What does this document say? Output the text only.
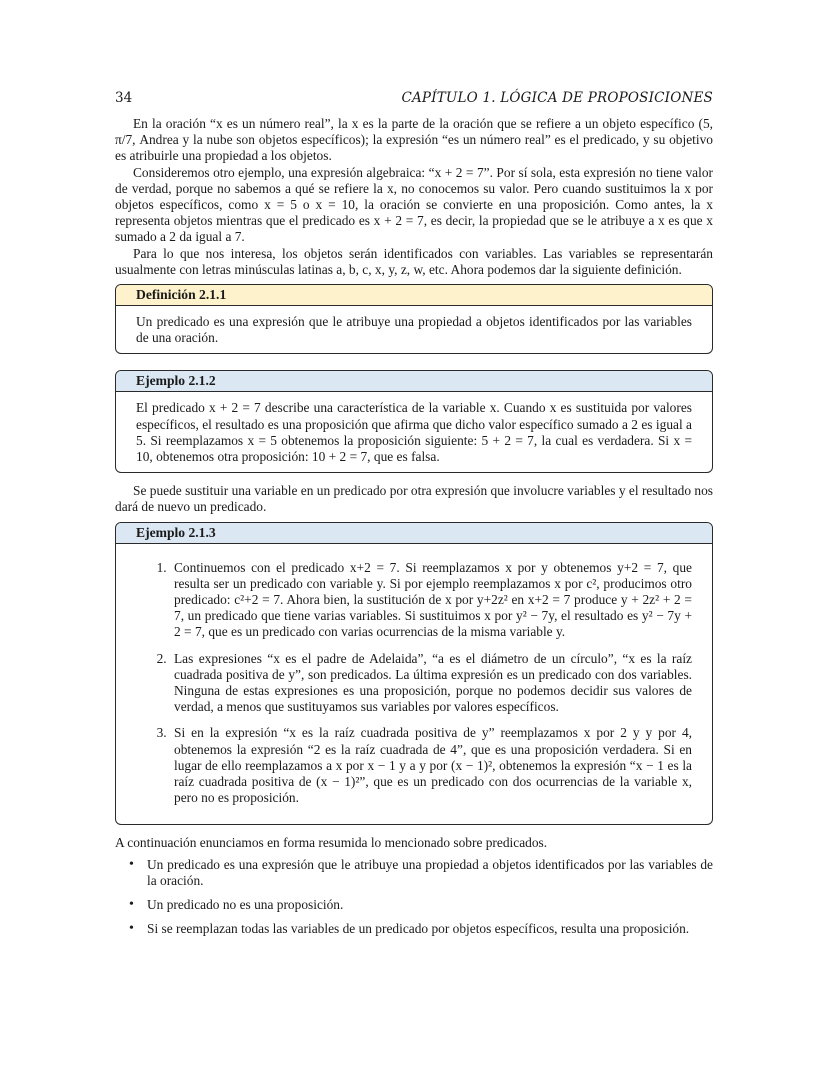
34	CAPÍTULO 1. LÓGICA DE PROPOSICIONES

En la oración “x es un número real”, la x es la parte de la oración que se refiere a un objeto específico (5, π/7, Andrea y la nube son objetos específicos); la expresión “es un número real” es el predicado, y su objetivo es atribuirle una propiedad a los objetos.

Consideremos otro ejemplo, una expresión algebraica: “x + 2 = 7”. Por sí sola, esta expresión no tiene valor de verdad, porque no sabemos a qué se refiere la x, no conocemos su valor. Pero cuando sustituimos la x por objetos específicos, como x = 5 o x = 10, la oración se convierte en una proposición. Como antes, la x representa objetos mientras que el predicado es x + 2 = 7, es decir, la propiedad que se le atribuye a x es que x sumado a 2 da igual a 7.

Para lo que nos interesa, los objetos serán identificados con variables. Las variables se representarán usualmente con letras minúsculas latinas a, b, c, x, y, z, w, etc. Ahora podemos dar la siguiente definición.

Definición 2.1.1

Un predicado es una expresión que le atribuye una propiedad a objetos identificados por las variables de una oración.

Ejemplo 2.1.2

El predicado x + 2 = 7 describe una característica de la variable x. Cuando x es sustituida por valores específicos, el resultado es una proposición que afirma que dicho valor específico sumado a 2 es igual a 5. Si reemplazamos x = 5 obtenemos la proposición siguiente: 5 + 2 = 7, la cual es verdadera. Si x = 10, obtenemos otra proposición: 10 + 2 = 7, que es falsa.

Se puede sustituir una variable en un predicado por otra expresión que involucre variables y el resultado nos dará de nuevo un predicado.

Ejemplo 2.1.3
1. Continuemos con el predicado x+2 = 7. Si reemplazamos x por y obtenemos y+2 = 7, que resulta ser un predicado con variable y. Si por ejemplo reemplazamos x por c², producimos otro predicado: c²+2 = 7. Ahora bien, la sustitución de x por y+2z² en x+2 = 7 produce y + 2z² + 2 = 7, un predicado que tiene varias variables. Si sustituimos x por y² − 7y, el resultado es y² − 7y + 2 = 7, que es un predicado con varias ocurrencias de la misma variable y.
2. Las expresiones “x es el padre de Adelaida”, “a es el diámetro de un círculo”, “x es la raíz cuadrada positiva de y”, son predicados. La última expresión es un predicado con dos variables. Ninguna de estas expresiones es una proposición, porque no podemos decidir sus valores de verdad, a menos que sustituyamos sus variables por valores específicos.
3. Si en la expresión “x es la raíz cuadrada positiva de y” reemplazamos x por 2 y y por 4, obtenemos la expresión “2 es la raíz cuadrada de 4”, que es una proposición verdadera. Si en lugar de ello reemplazamos a x por x − 1 y a y por (x − 1)², obtenemos la expresión “x − 1 es la raíz cuadrada positiva de (x − 1)²”, que es un predicado con dos ocurrencias de la variable x, pero no es proposición.

A continuación enunciamos en forma resumida lo mencionado sobre predicados.

• Un predicado es una expresión que le atribuye una propiedad a objetos identificados por las variables de la oración.
• Un predicado no es una proposición.
• Si se reemplazan todas las variables de un predicado por objetos específicos, resulta una proposición.
